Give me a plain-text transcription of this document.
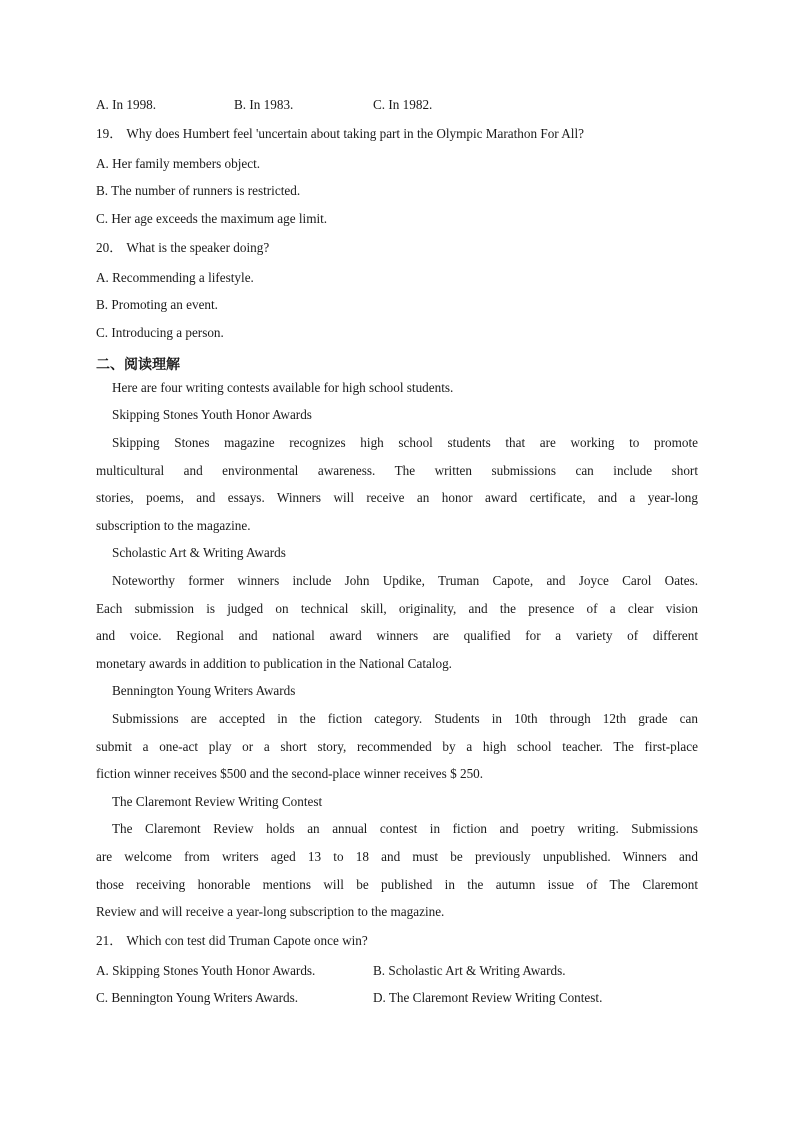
A. In 1998.	B. In 1983.	C. In 1982.
19． Why does Humbert feel 'uncertain about taking part in the Olympic Marathon For All?
A. Her family members object.
B. The number of runners is restricted.
C. Her age exceeds the maximum age limit.
20． What is the speaker doing?
A. Recommending a lifestyle.
B. Promoting an event.
C. Introducing a person.
二、阅读理解
Here are four writing contests available for high school students.
Skipping Stones Youth Honor Awards
Skipping Stones magazine recognizes high school students that are working to promote
multicultural and environmental awareness. The written submissions can include short
stories, poems, and essays. Winners will receive an honor award certificate, and a year-long
subscription to the magazine.
Scholastic Art & Writing Awards
Noteworthy former winners include John Updike, Truman Capote, and Joyce Carol Oates.
Each submission is judged on technical skill, originality, and the presence of a clear vision
and voice. Regional and national award winners are qualified for a variety of different
monetary awards in addition to publication in the National Catalog.
Bennington Young Writers Awards
Submissions are accepted in the fiction category. Students in 10th through 12th grade can
submit a one-act play or a short story, recommended by a high school teacher. The first-place
fiction winner receives $500 and the second-place winner receives $ 250.
The Claremont Review Writing Contest
The Claremont Review holds an annual contest in fiction and poetry writing. Submissions
are welcome from writers aged 13 to 18 and must be previously unpublished. Winners and
those receiving honorable mentions will be published in the autumn issue of The Claremont
Review and will receive a year-long subscription to the magazine.
21． Which con test did Truman Capote once win?
A. Skipping Stones Youth Honor Awards.	B. Scholastic Art & Writing Awards.
C. Bennington Young Writers Awards.	D. The Claremont Review Writing Contest.
